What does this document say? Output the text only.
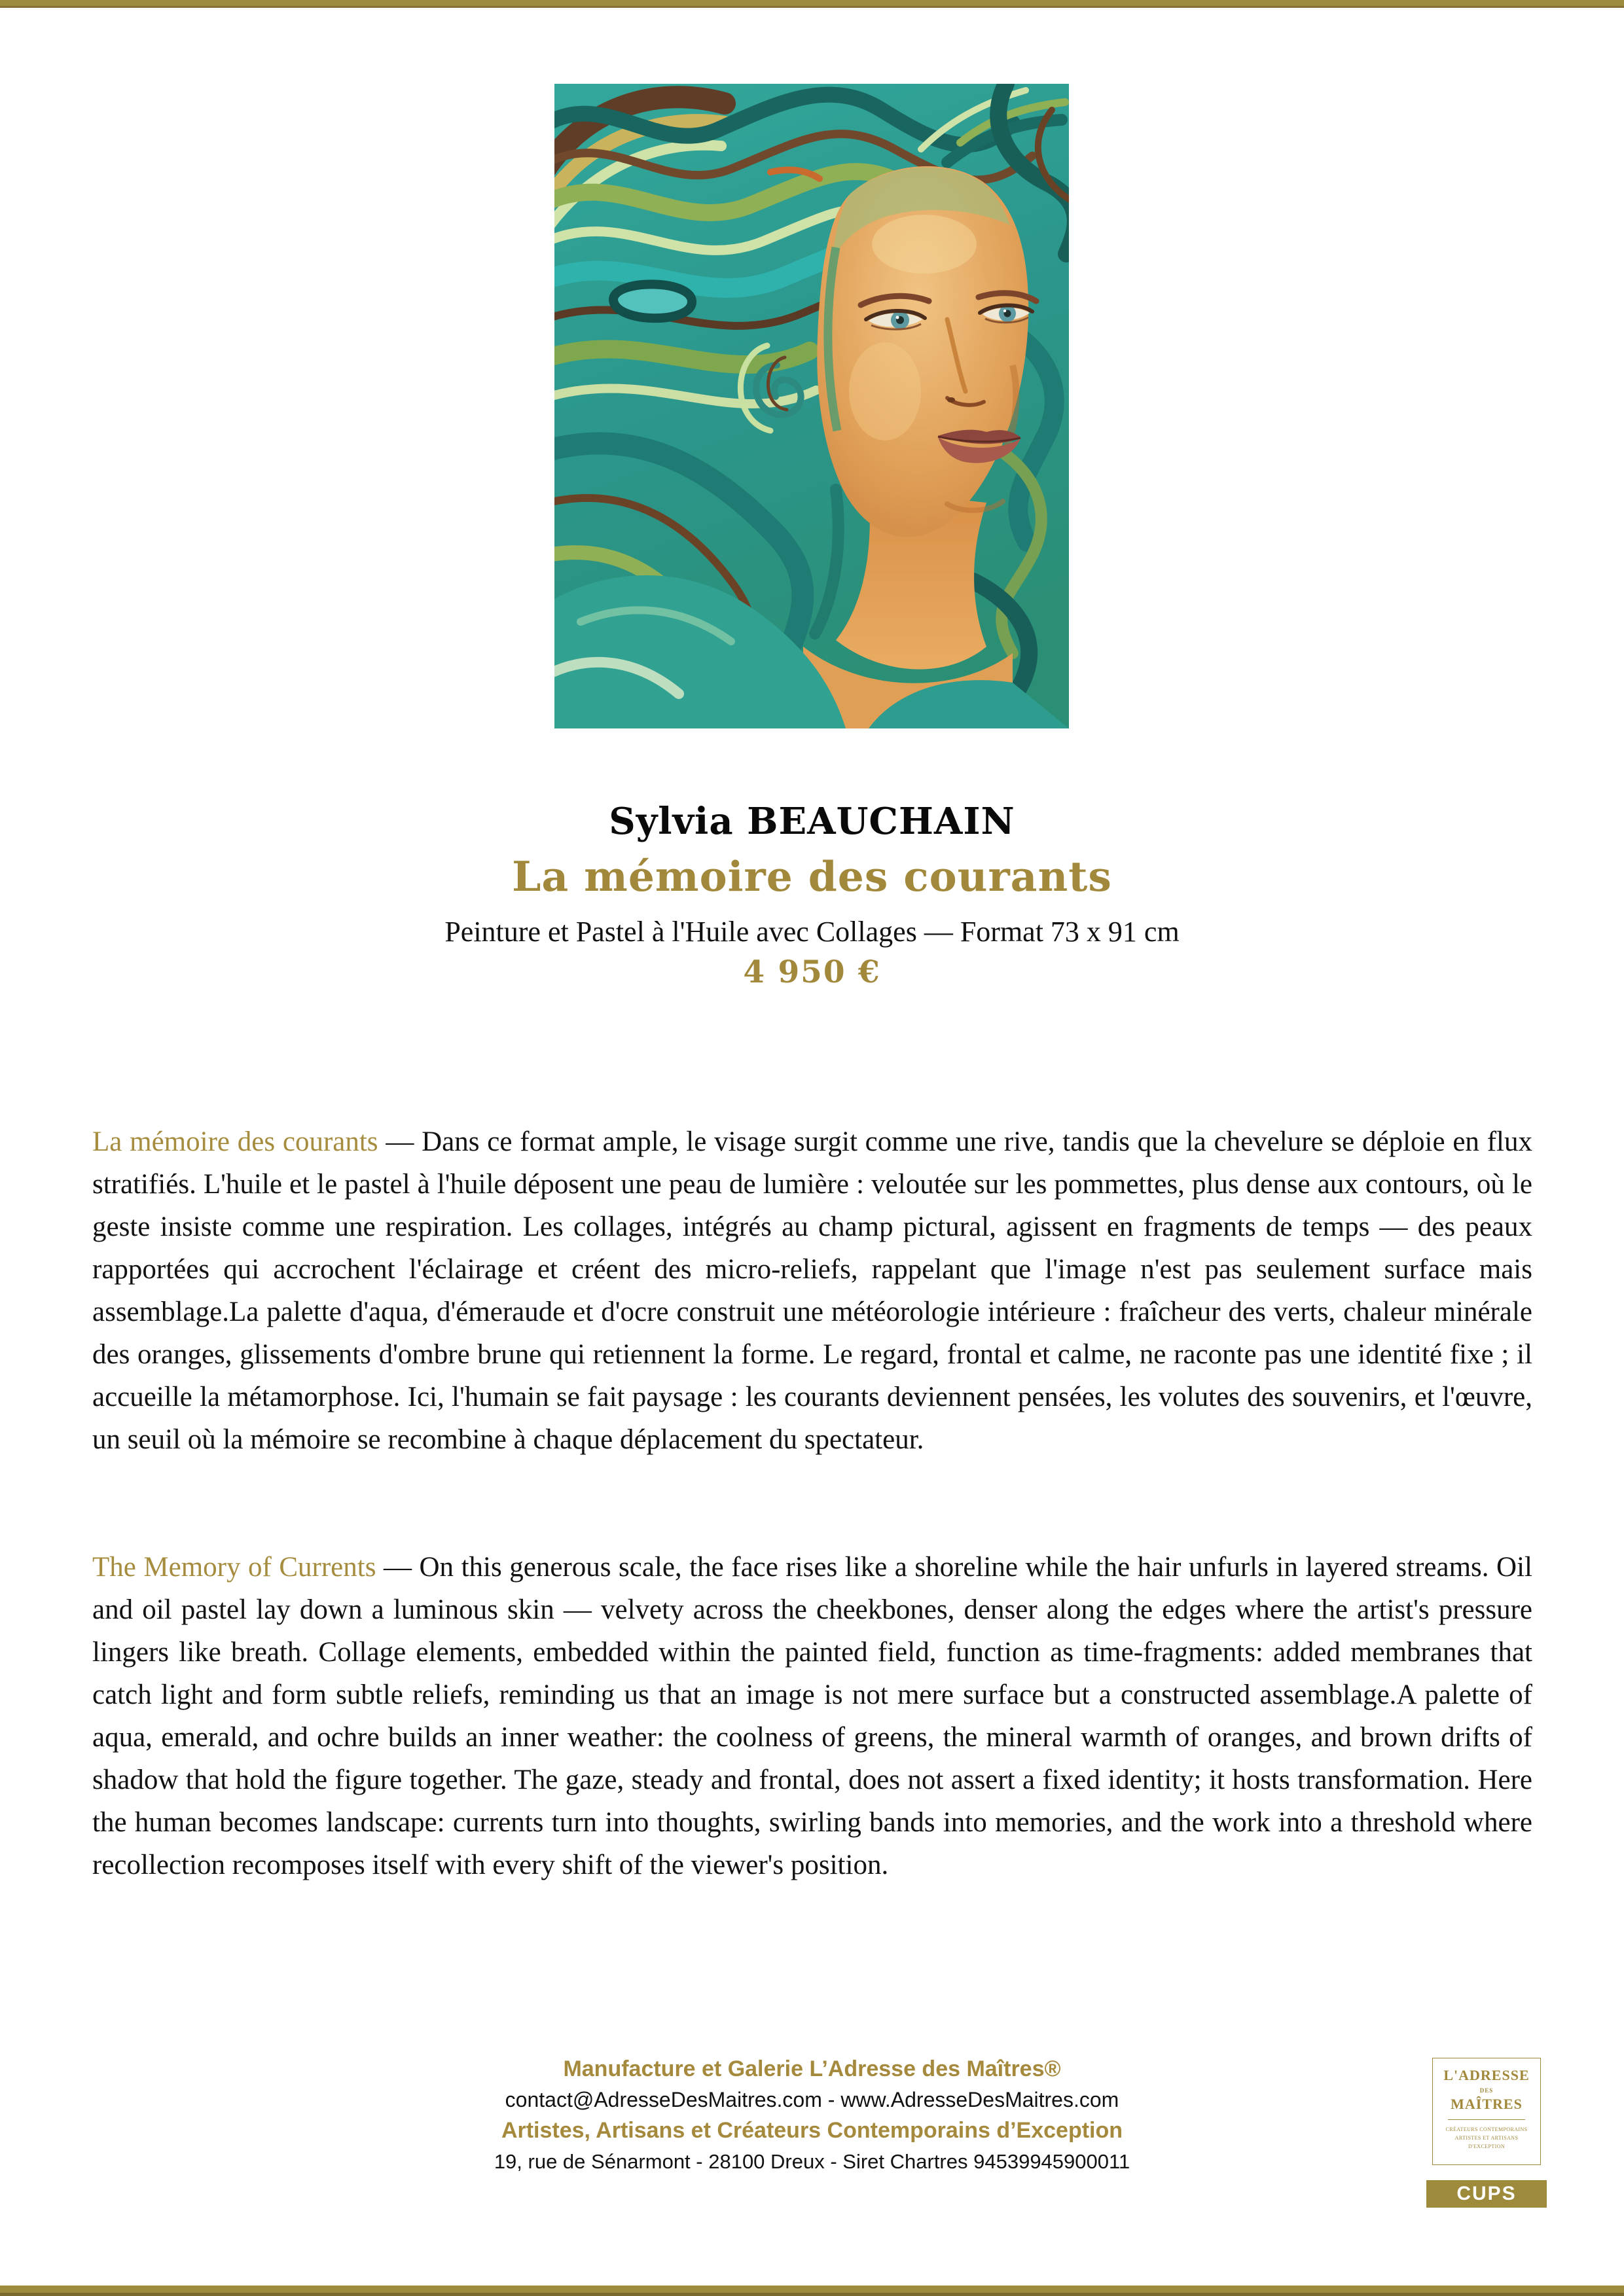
Sylvia BEAUCHAIN
La mémoire des courants
Peinture et Pastel à l'Huile avec Collages — Format 73 x 91 cm
4 950 €

La mémoire des courants — Dans ce format ample, le visage surgit comme une rive, tandis que la chevelure se déploie en flux stratifiés. L'huile et le pastel à l'huile déposent une peau de lumière : veloutée sur les pommettes, plus dense aux contours, où le geste insiste comme une respiration. Les collages, intégrés au champ pictural, agissent en fragments de temps — des peaux rapportées qui accrochent l'éclairage et créent des micro-reliefs, rappelant que l'image n'est pas seulement surface mais assemblage.La palette d'aqua, d'émeraude et d'ocre construit une météorologie intérieure : fraîcheur des verts, chaleur minérale des oranges, glissements d'ombre brune qui retiennent la forme. Le regard, frontal et calme, ne raconte pas une identité fixe ; il accueille la métamorphose. Ici, l'humain se fait paysage : les courants deviennent pensées, les volutes des souvenirs, et l'œuvre, un seuil où la mémoire se recombine à chaque déplacement du spectateur.

The Memory of Currents — On this generous scale, the face rises like a shoreline while the hair unfurls in layered streams. Oil and oil pastel lay down a luminous skin — velvety across the cheekbones, denser along the edges where the artist's pressure lingers like breath. Collage elements, embedded within the painted field, function as time-fragments: added membranes that catch light and form subtle reliefs, reminding us that an image is not mere surface but a constructed assemblage.A palette of aqua, emerald, and ochre builds an inner weather: the coolness of greens, the mineral warmth of oranges, and brown drifts of shadow that hold the figure together. The gaze, steady and frontal, does not assert a fixed identity; it hosts transformation. Here the human becomes landscape: currents turn into thoughts, swirling bands into memories, and the work into a threshold where recollection recomposes itself with every shift of the viewer's position.

Manufacture et Galerie L’Adresse des Maîtres®
contact@AdresseDesMaitres.com - www.AdresseDesMaitres.com
Artistes, Artisans et Créateurs Contemporains d’Exception
19, rue de Sénarmont - 28100 Dreux - Siret Chartres 94539945900011
L'ADRESSE
DES
MAÎTRES
CRÉATEURS CONTEMPORAINS
ARTISTES ET ARTISANS
D'EXCEPTION
CUPS
